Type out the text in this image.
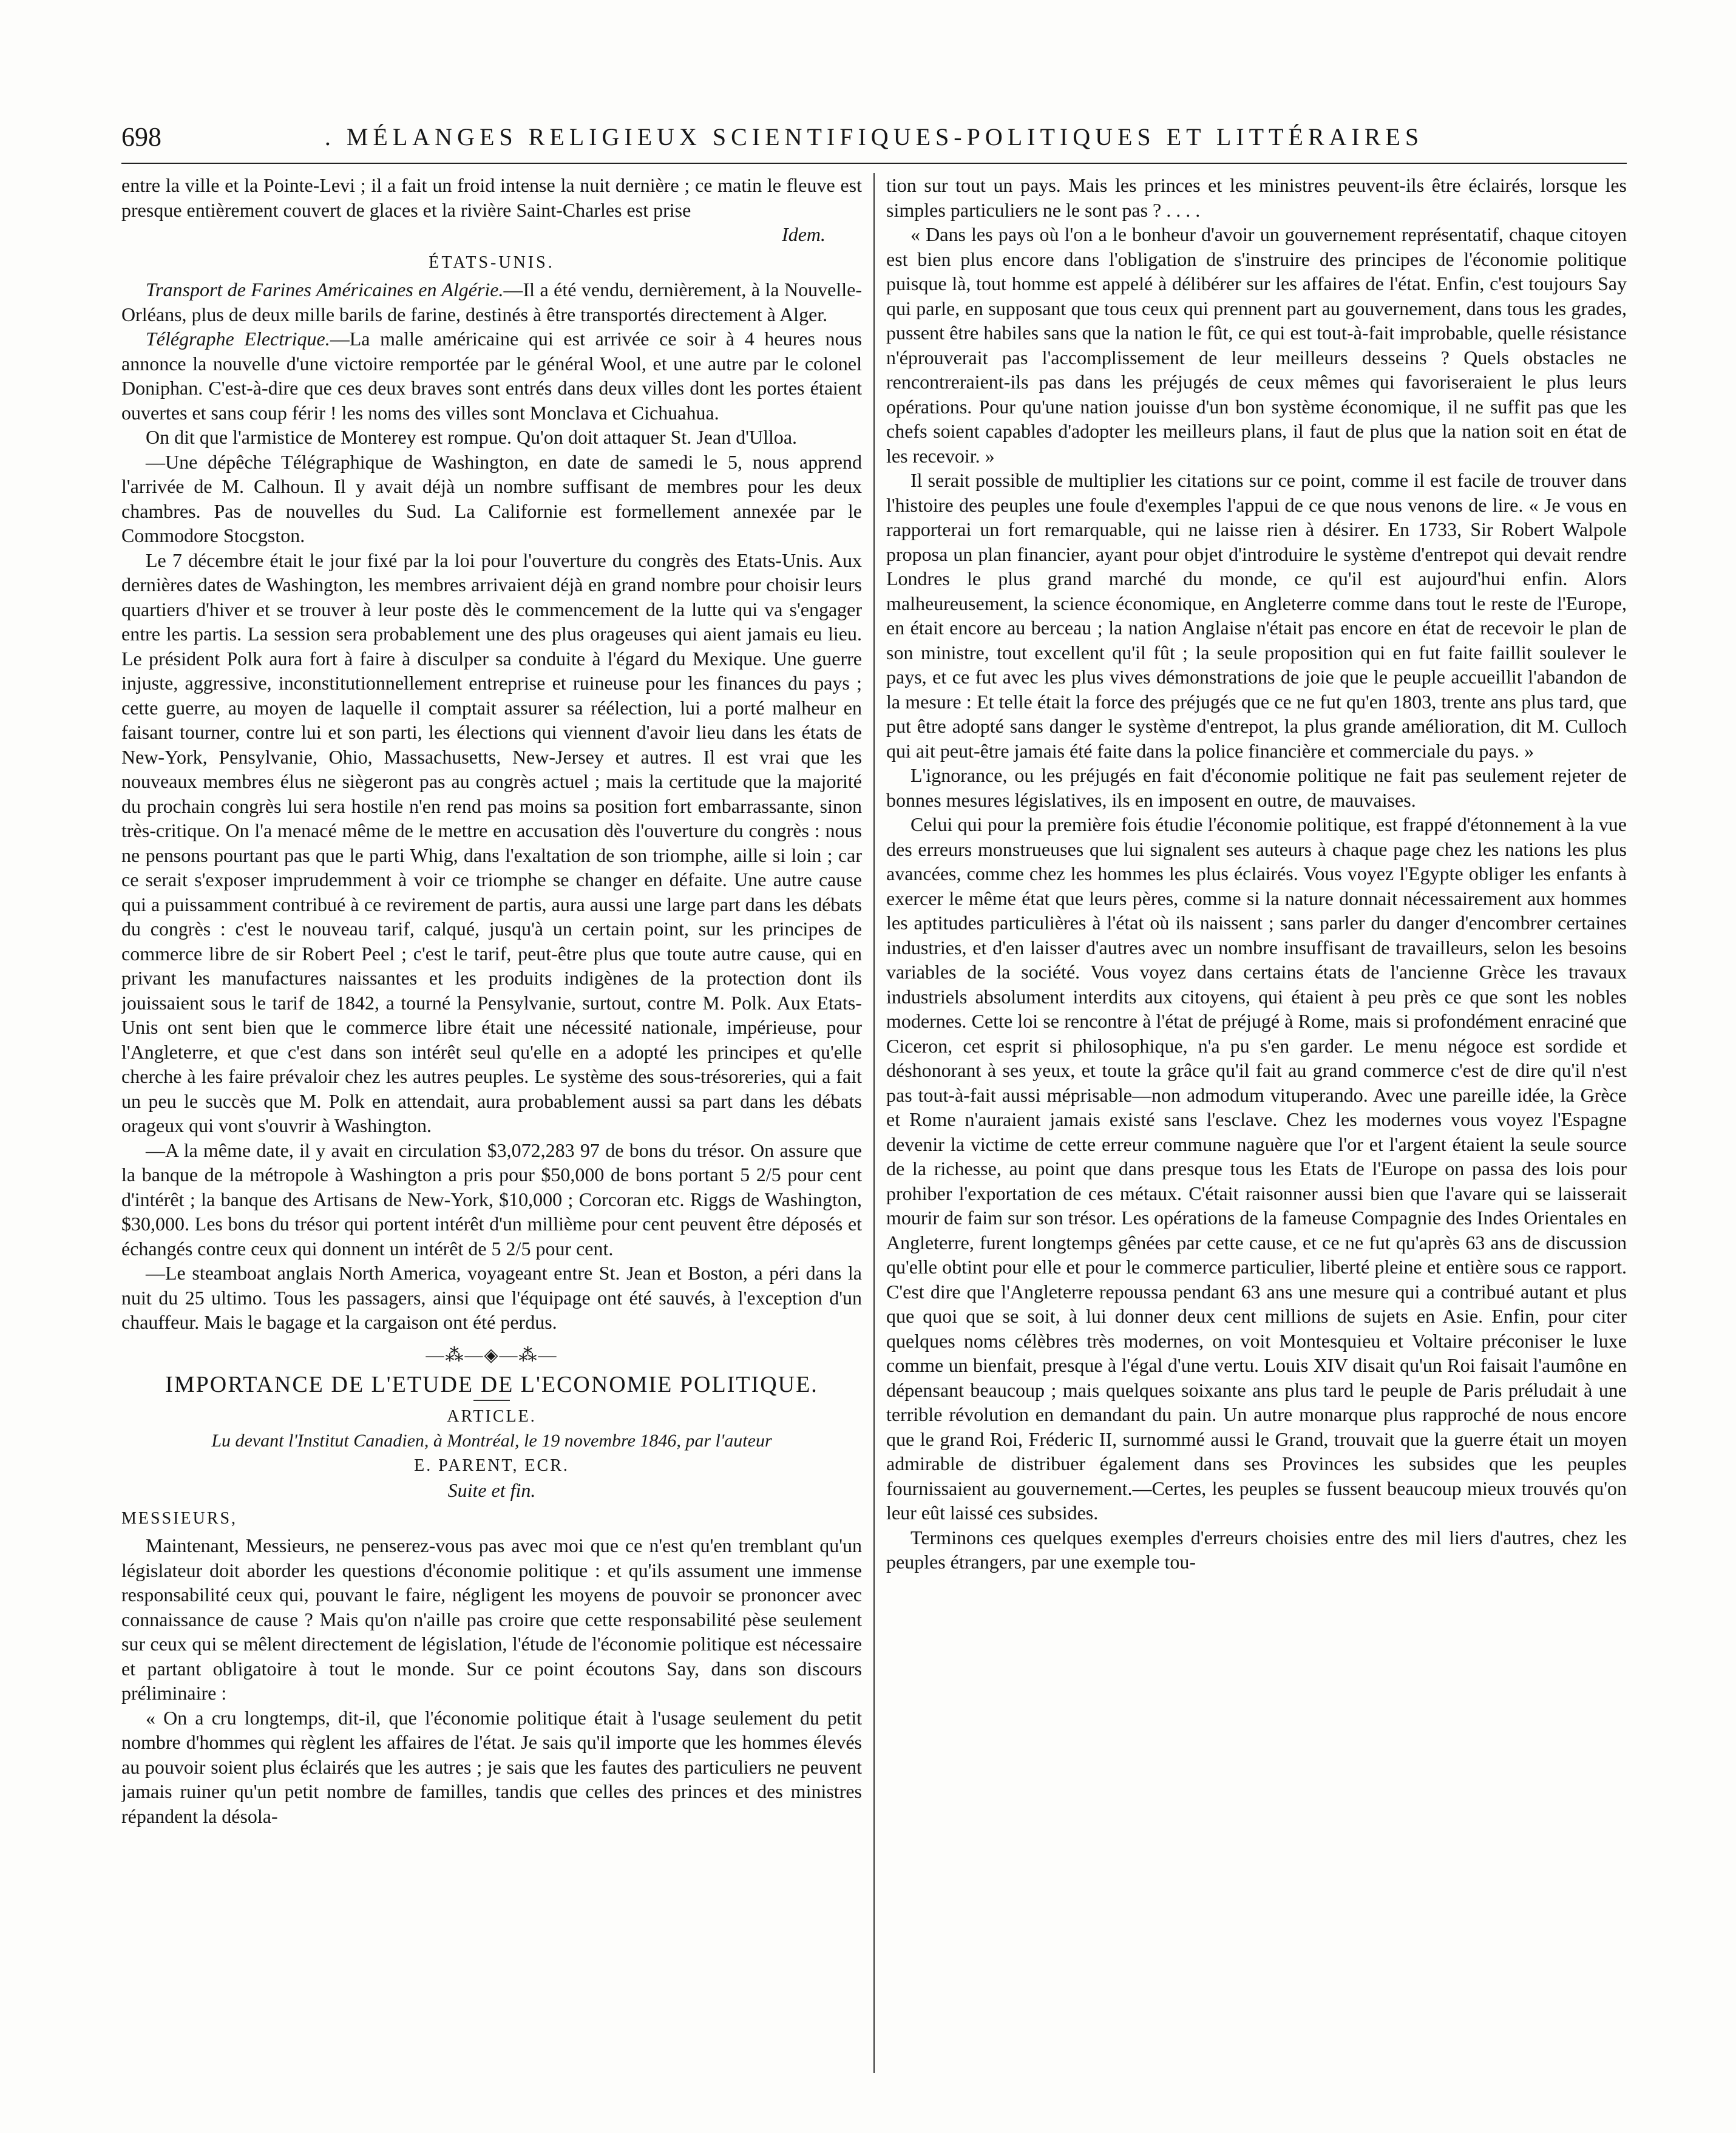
698	. MÉLANGES RELIGIEUX SCIENTIFIQUES-POLITIQUES ET LITTÉRAIRES

entre la ville et la Pointe-Levi ; il a fait un froid intense la nuit dernière ; ce matin le fleuve est presque entièrement couvert de glaces et la rivière Saint-Charles est prise

Idem.

ÉTATS-UNIS.

Transport de Farines Américaines en Algérie.—Il a été vendu, dernièrement, à la Nouvelle-Orléans, plus de deux mille barils de farine, destinés à être transportés directement à Alger.

Télégraphe Electrique.—La malle américaine qui est arrivée ce soir à 4 heures nous annonce la nouvelle d'une victoire remportée par le général Wool, et une autre par le colonel Doniphan. C'est-à-dire que ces deux braves sont entrés dans deux villes dont les portes étaient ouvertes et sans coup férir ! les noms des villes sont Monclava et Cichuahua.

On dit que l'armistice de Monterey est rompue. Qu'on doit attaquer St. Jean d'Ulloa.

—Une dépêche Télégraphique de Washington, en date de samedi le 5, nous apprend l'arrivée de M. Calhoun. Il y avait déjà un nombre suffisant de membres pour les deux chambres. Pas de nouvelles du Sud. La Californie est formellement annexée par le Commodore Stocgston.

Le 7 décembre était le jour fixé par la loi pour l'ouverture du congrès des Etats-Unis. Aux dernières dates de Washington, les membres arrivaient déjà en grand nombre pour choisir leurs quartiers d'hiver et se trouver à leur poste dès le commencement de la lutte qui va s'engager entre les partis. La session sera probablement une des plus orageuses qui aient jamais eu lieu. Le président Polk aura fort à faire à disculper sa conduite à l'égard du Mexique. Une guerre injuste, aggressive, inconstitutionnellement entreprise et ruineuse pour les finances du pays ; cette guerre, au moyen de laquelle il comptait assurer sa réélection, lui a porté malheur en faisant tourner, contre lui et son parti, les élections qui viennent d'avoir lieu dans les états de New-York, Pensylvanie, Ohio, Massachusetts, New-Jersey et autres. Il est vrai que les nouveaux membres élus ne siègeront pas au congrès actuel ; mais la certitude que la majorité du prochain congrès lui sera hostile n'en rend pas moins sa position fort embarrassante, sinon très-critique. On l'a menacé même de le mettre en accusation dès l'ouverture du congrès : nous ne pensons pourtant pas que le parti Whig, dans l'exaltation de son triomphe, aille si loin ; car ce serait s'exposer imprudemment à voir ce triomphe se changer en défaite. Une autre cause qui a puissamment contribué à ce revirement de partis, aura aussi une large part dans les débats du congrès : c'est le nouveau tarif, calqué, jusqu'à un certain point, sur les principes de commerce libre de sir Robert Peel ; c'est le tarif, peut-être plus que toute autre cause, qui en privant les manufactures naissantes et les produits indigènes de la protection dont ils jouissaient sous le tarif de 1842, a tourné la Pensylvanie, surtout, contre M. Polk. Aux Etats-Unis ont sent bien que le commerce libre était une nécessité nationale, impérieuse, pour l'Angleterre, et que c'est dans son intérêt seul qu'elle en a adopté les principes et qu'elle cherche à les faire prévaloir chez les autres peuples. Le système des sous-trésoreries, qui a fait un peu le succès que M. Polk en attendait, aura probablement aussi sa part dans les débats orageux qui vont s'ouvrir à Washington.

—A la même date, il y avait en circulation $3,072,283 97 de bons du trésor. On assure que la banque de la métropole à Washington a pris pour $50,000 de bons portant 5 2/5 pour cent d'intérêt ; la banque des Artisans de New-York, $10,000 ; Corcoran etc. Riggs de Washington, $30,000. Les bons du trésor qui portent intérêt d'un millième pour cent peuvent être déposés et échangés contre ceux qui donnent un intérêt de 5 2/5 pour cent.

—Le steamboat anglais North America, voyageant entre St. Jean et Boston, a péri dans la nuit du 25 ultimo. Tous les passagers, ainsi que l'équipage ont été sauvés, à l'exception d'un chauffeur. Mais le bagage et la cargaison ont été perdus.

—⁂—◈—⁂—
IMPORTANCE DE L'ETUDE DE L'ECONOMIE POLITIQUE.
ARTICLE.
Lu devant l'Institut Canadien, à Montréal, le 19 novembre 1846, par l'auteur
E. PARENT, ECR.
Suite et fin.
MESSIEURS,

Maintenant, Messieurs, ne penserez-vous pas avec moi que ce n'est qu'en tremblant qu'un législateur doit aborder les questions d'économie politique : et qu'ils assument une immense responsabilité ceux qui, pouvant le faire, négligent les moyens de pouvoir se prononcer avec connaissance de cause ? Mais qu'on n'aille pas croire que cette responsabilité pèse seulement sur ceux qui se mêlent directement de législation, l'étude de l'économie politique est nécessaire et partant obligatoire à tout le monde. Sur ce point écoutons Say, dans son discours préliminaire :

« On a cru longtemps, dit-il, que l'économie politique était à l'usage seulement du petit nombre d'hommes qui règlent les affaires de l'état. Je sais qu'il importe que les hommes élevés au pouvoir soient plus éclairés que les autres ; je sais que les fautes des particuliers ne peuvent jamais ruiner qu'un petit nombre de familles, tandis que celles des princes et des ministres répandent la désola-

tion sur tout un pays. Mais les princes et les ministres peuvent-ils être éclairés, lorsque les simples particuliers ne le sont pas ? . . . .

« Dans les pays où l'on a le bonheur d'avoir un gouvernement représentatif, chaque citoyen est bien plus encore dans l'obligation de s'instruire des principes de l'économie politique puisque là, tout homme est appelé à délibérer sur les affaires de l'état. Enfin, c'est toujours Say qui parle, en supposant que tous ceux qui prennent part au gouvernement, dans tous les grades, pussent être habiles sans que la nation le fût, ce qui est tout-à-fait improbable, quelle résistance n'éprouverait pas l'accomplissement de leur meilleurs desseins ? Quels obstacles ne rencontreraient-ils pas dans les préjugés de ceux mêmes qui favoriseraient le plus leurs opérations. Pour qu'une nation jouisse d'un bon système économique, il ne suffit pas que les chefs soient capables d'adopter les meilleurs plans, il faut de plus que la nation soit en état de les recevoir. »

Il serait possible de multiplier les citations sur ce point, comme il est facile de trouver dans l'histoire des peuples une foule d'exemples l'appui de ce que nous venons de lire. « Je vous en rapporterai un fort remarquable, qui ne laisse rien à désirer. En 1733, Sir Robert Walpole proposa un plan financier, ayant pour objet d'introduire le système d'entrepot qui devait rendre Londres le plus grand marché du monde, ce qu'il est aujourd'hui enfin. Alors malheureusement, la science économique, en Angleterre comme dans tout le reste de l'Europe, en était encore au berceau ; la nation Anglaise n'était pas encore en état de recevoir le plan de son ministre, tout excellent qu'il fût ; la seule proposition qui en fut faite faillit soulever le pays, et ce fut avec les plus vives démonstrations de joie que le peuple accueillit l'abandon de la mesure : Et telle était la force des préjugés que ce ne fut qu'en 1803, trente ans plus tard, que put être adopté sans danger le système d'entrepot, la plus grande amélioration, dit M. Culloch qui ait peut-être jamais été faite dans la police financière et commerciale du pays. »

L'ignorance, ou les préjugés en fait d'économie politique ne fait pas seulement rejeter de bonnes mesures législatives, ils en imposent en outre, de mauvaises.

Celui qui pour la première fois étudie l'économie politique, est frappé d'étonnement à la vue des erreurs monstrueuses que lui signalent ses auteurs à chaque page chez les nations les plus avancées, comme chez les hommes les plus éclairés. Vous voyez l'Egypte obliger les enfants à exercer le même état que leurs pères, comme si la nature donnait nécessairement aux hommes les aptitudes particulières à l'état où ils naissent ; sans parler du danger d'encombrer certaines industries, et d'en laisser d'autres avec un nombre insuffisant de travailleurs, selon les besoins variables de la société. Vous voyez dans certains états de l'ancienne Grèce les travaux industriels absolument interdits aux citoyens, qui étaient à peu près ce que sont les nobles modernes. Cette loi se rencontre à l'état de préjugé à Rome, mais si profondément enraciné que Ciceron, cet esprit si philosophique, n'a pu s'en garder. Le menu négoce est sordide et déshonorant à ses yeux, et toute la grâce qu'il fait au grand commerce c'est de dire qu'il n'est pas tout-à-fait aussi méprisable—non admodum vituperando. Avec une pareille idée, la Grèce et Rome n'auraient jamais existé sans l'esclave. Chez les modernes vous voyez l'Espagne devenir la victime de cette erreur commune naguère que l'or et l'argent étaient la seule source de la richesse, au point que dans presque tous les Etats de l'Europe on passa des lois pour prohiber l'exportation de ces métaux. C'était raisonner aussi bien que l'avare qui se laisserait mourir de faim sur son trésor. Les opérations de la fameuse Compagnie des Indes Orientales en Angleterre, furent longtemps gênées par cette cause, et ce ne fut qu'après 63 ans de discussion qu'elle obtint pour elle et pour le commerce particulier, liberté pleine et entière sous ce rapport. C'est dire que l'Angleterre repoussa pendant 63 ans une mesure qui a contribué autant et plus que quoi que se soit, à lui donner deux cent millions de sujets en Asie. Enfin, pour citer quelques noms célèbres très modernes, on voit Montesquieu et Voltaire préconiser le luxe comme un bienfait, presque à l'égal d'une vertu. Louis XIV disait qu'un Roi faisait l'aumône en dépensant beaucoup ; mais quelques soixante ans plus tard le peuple de Paris préludait à une terrible révolution en demandant du pain. Un autre monarque plus rapproché de nous encore que le grand Roi, Fréderic II, surnommé aussi le Grand, trouvait que la guerre était un moyen admirable de distribuer également dans ses Provinces les subsides que les peuples fournissaient au gouvernement.—Certes, les peuples se fussent beaucoup mieux trouvés qu'on leur eût laissé ces subsides.

Terminons ces quelques exemples d'erreurs choisies entre des mil liers d'autres, chez les peuples étrangers, par une exemple tou-
